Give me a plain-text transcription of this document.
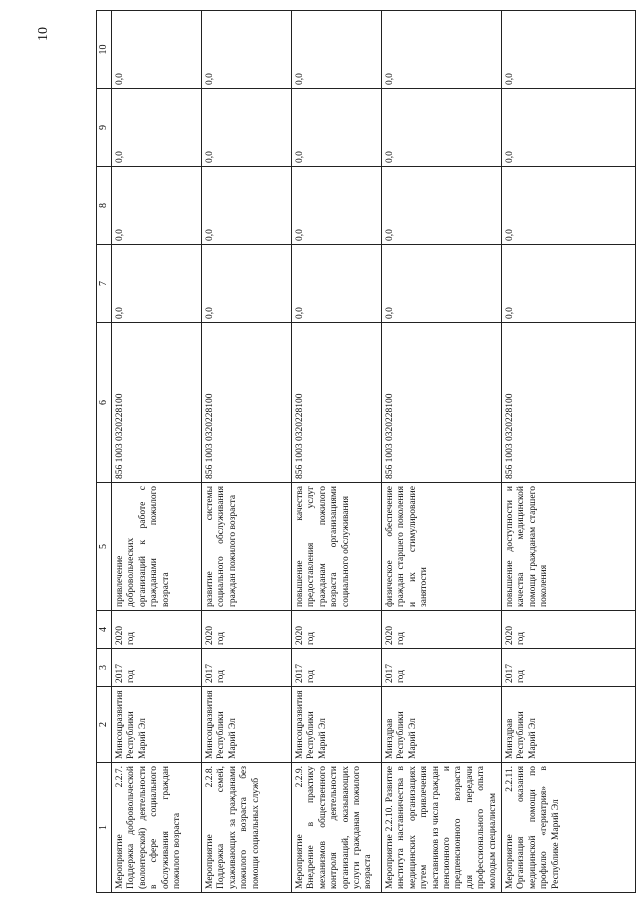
10
1	2	3	4	5	6	7	8	9	10
Мероприятие 2.2.7. Поддержка добровольческой (волонтерской) деятельности в сфере социального обслуживания граждан пожилого возраста	Минсоцразвития Республики Марий Эл	2017 год	2020 год	привлечение добровольческих организаций к работе с гражданами пожилого возраста	856 1003 0320228100	0,0	0,0	0,0	0,0
Мероприятие 2.2.8. Поддержка семей, ухаживающих за гражданами пожилого возраста без помощи социальных служб	Минсоцразвития Республики Марий Эл	2017 год	2020 год	развитие системы социального обслуживания граждан пожилого возраста	856 1003 0320228100	0,0	0,0	0,0	0,0
Мероприятие 2.2.9. Внедрение в практику механизмов общественного контроля деятельности организаций, оказывающих услуги гражданам пожилого возраста	Минсоцразвития Республики Марий Эл	2017 год	2020 год	повышение качества предоставления услуг гражданам пожилого возраста организациями социального обслуживания	856 1003 0320228100	0,0	0,0	0,0	0,0
Мероприятие 2.2.10. Развитие института наставничества в медицинских организациях путем привлечения наставников из числа граждан пенсионного и предпенсионного возраста для передачи профессионального опыта молодым специалистам	Минздрав Республики Марий Эл	2017 год	2020 год	физическое обеспечение граждан старшего поколения и их стимулирование занятости	856 1003 0320228100	0,0	0,0	0,0	0,0
Мероприятие 2.2.11. Организация оказания медицинской помощи по профилю «гериатрия» в Республике Марий Эл	Минздрав Республики Марий Эл	2017 год	2020 год	повышение доступности и качества медицинской помощи гражданам старшего поколения	856 1003 0320228100	0,0	0,0	0,0	0,0
